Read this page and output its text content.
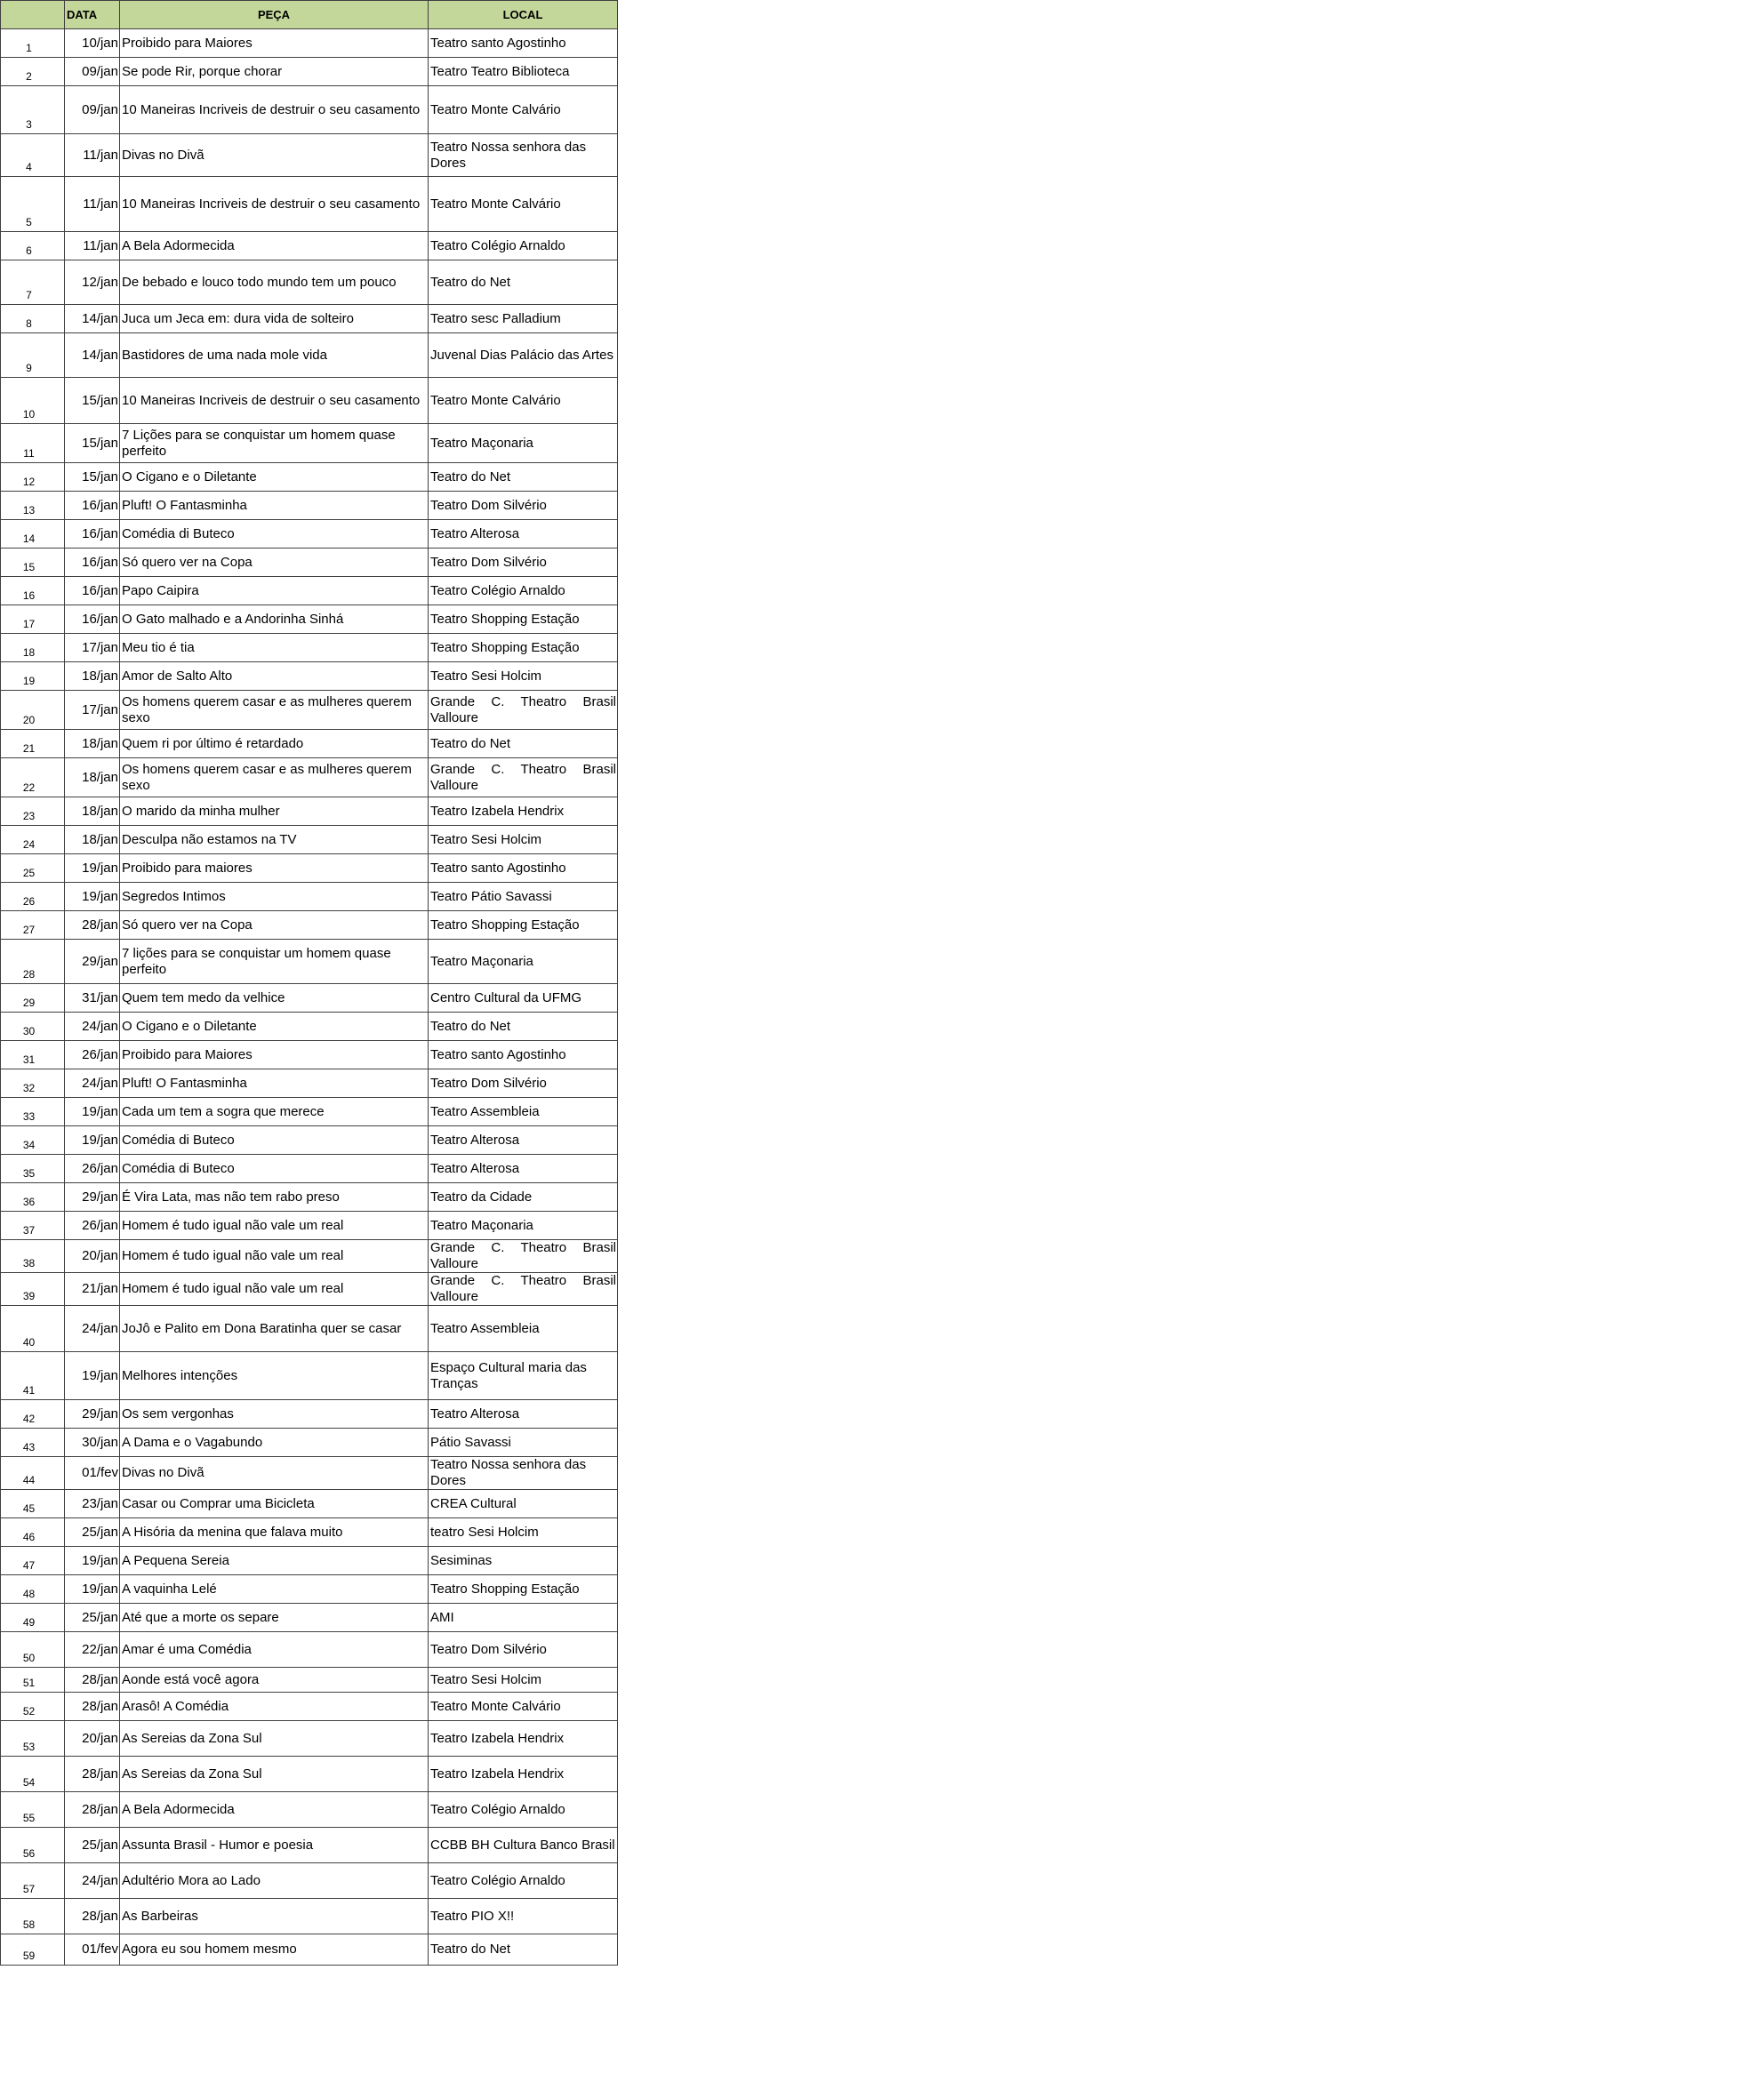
	DATA	PEÇA	LOCAL
1	10/jan	Proibido para Maiores	Teatro santo Agostinho
2	09/jan	Se pode Rir, porque chorar	Teatro Teatro Biblioteca
3	09/jan	10 Maneiras Incriveis de destruir o seu casamento	Teatro Monte Calvário
4	11/jan	Divas no Divã	Teatro Nossa senhora das Dores
5	11/jan	10 Maneiras Incriveis de destruir o seu casamento	Teatro Monte Calvário
6	11/jan	A Bela Adormecida	Teatro Colégio Arnaldo
7	12/jan	De bebado e louco todo mundo tem um pouco	Teatro do Net
8	14/jan	Juca um Jeca em: dura vida de solteiro	Teatro sesc Palladium
9	14/jan	Bastidores de uma nada mole vida	Juvenal Dias Palácio das Artes
10	15/jan	10 Maneiras Incriveis de destruir o seu casamento	Teatro Monte Calvário
11	15/jan	7 Lições para se conquistar um homem quase perfeito	Teatro Maçonaria
12	15/jan	O Cigano e o Diletante	Teatro do Net
13	16/jan	Pluft! O Fantasminha	Teatro Dom Silvério
14	16/jan	Comédia di Buteco	Teatro Alterosa
15	16/jan	Só quero ver na Copa	Teatro Dom Silvério
16	16/jan	Papo Caipira	Teatro Colégio Arnaldo
17	16/jan	O Gato malhado e a Andorinha Sinhá	Teatro Shopping Estação
18	17/jan	Meu tio é tia	Teatro Shopping Estação
19	18/jan	Amor de Salto Alto	Teatro Sesi Holcim
20	17/jan	Os homens querem casar e as mulheres querem sexo	Grande C. Theatro Brasil Valloure
21	18/jan	Quem ri por último é retardado	Teatro do Net
22	18/jan	Os homens querem casar e as mulheres querem sexo	Grande C. Theatro Brasil Valloure
23	18/jan	O marido da minha mulher	Teatro Izabela Hendrix
24	18/jan	Desculpa não estamos na TV	Teatro Sesi Holcim
25	19/jan	Proibido para maiores	Teatro santo Agostinho
26	19/jan	Segredos Intimos	Teatro Pátio Savassi
27	28/jan	Só quero ver na Copa	Teatro Shopping Estação
28	29/jan	7 lições para se conquistar um homem quase perfeito	Teatro Maçonaria
29	31/jan	Quem tem medo da velhice	Centro Cultural da UFMG
30	24/jan	O Cigano e o Diletante	Teatro do Net
31	26/jan	Proibido para Maiores	Teatro santo Agostinho
32	24/jan	Pluft! O Fantasminha	Teatro Dom Silvério
33	19/jan	Cada um tem a sogra que merece	Teatro Assembleia
34	19/jan	Comédia di Buteco	Teatro Alterosa
35	26/jan	Comédia di Buteco	Teatro Alterosa
36	29/jan	É Vira Lata, mas não tem rabo preso	Teatro da Cidade
37	26/jan	Homem é tudo igual não vale um real	Teatro Maçonaria
38	20/jan	Homem é tudo igual não vale um real	Grande C. Theatro Brasil Valloure
39	21/jan	Homem é tudo igual não vale um real	Grande C. Theatro Brasil Valloure
40	24/jan	JoJô e Palito em Dona Baratinha quer se casar	Teatro Assembleia
41	19/jan	Melhores intenções	Espaço Cultural maria das Tranças
42	29/jan	Os sem vergonhas	Teatro Alterosa
43	30/jan	A Dama e o Vagabundo	Pátio Savassi
44	01/fev	Divas no Divã	Teatro Nossa senhora das Dores
45	23/jan	Casar ou Comprar uma Bicicleta	CREA Cultural
46	25/jan	A Hisória da menina que falava muito	teatro Sesi Holcim
47	19/jan	A Pequena Sereia	Sesiminas
48	19/jan	A vaquinha Lelé	Teatro Shopping Estação
49	25/jan	Até que a morte os separe	AMI
50	22/jan	Amar é uma Comédia	Teatro Dom Silvério
51	28/jan	Aonde está você agora	Teatro Sesi Holcim
52	28/jan	Arasô! A Comédia	Teatro Monte Calvário
53	20/jan	As Sereias da Zona Sul	Teatro Izabela Hendrix
54	28/jan	As Sereias da Zona Sul	Teatro Izabela Hendrix
55	28/jan	A Bela Adormecida	Teatro Colégio Arnaldo
56	25/jan	Assunta Brasil - Humor e poesia	CCBB BH Cultura Banco Brasil
57	24/jan	Adultério Mora ao Lado	Teatro Colégio Arnaldo
58	28/jan	As Barbeiras	Teatro PIO X!!
59	01/fev	Agora eu sou homem mesmo	Teatro do Net
